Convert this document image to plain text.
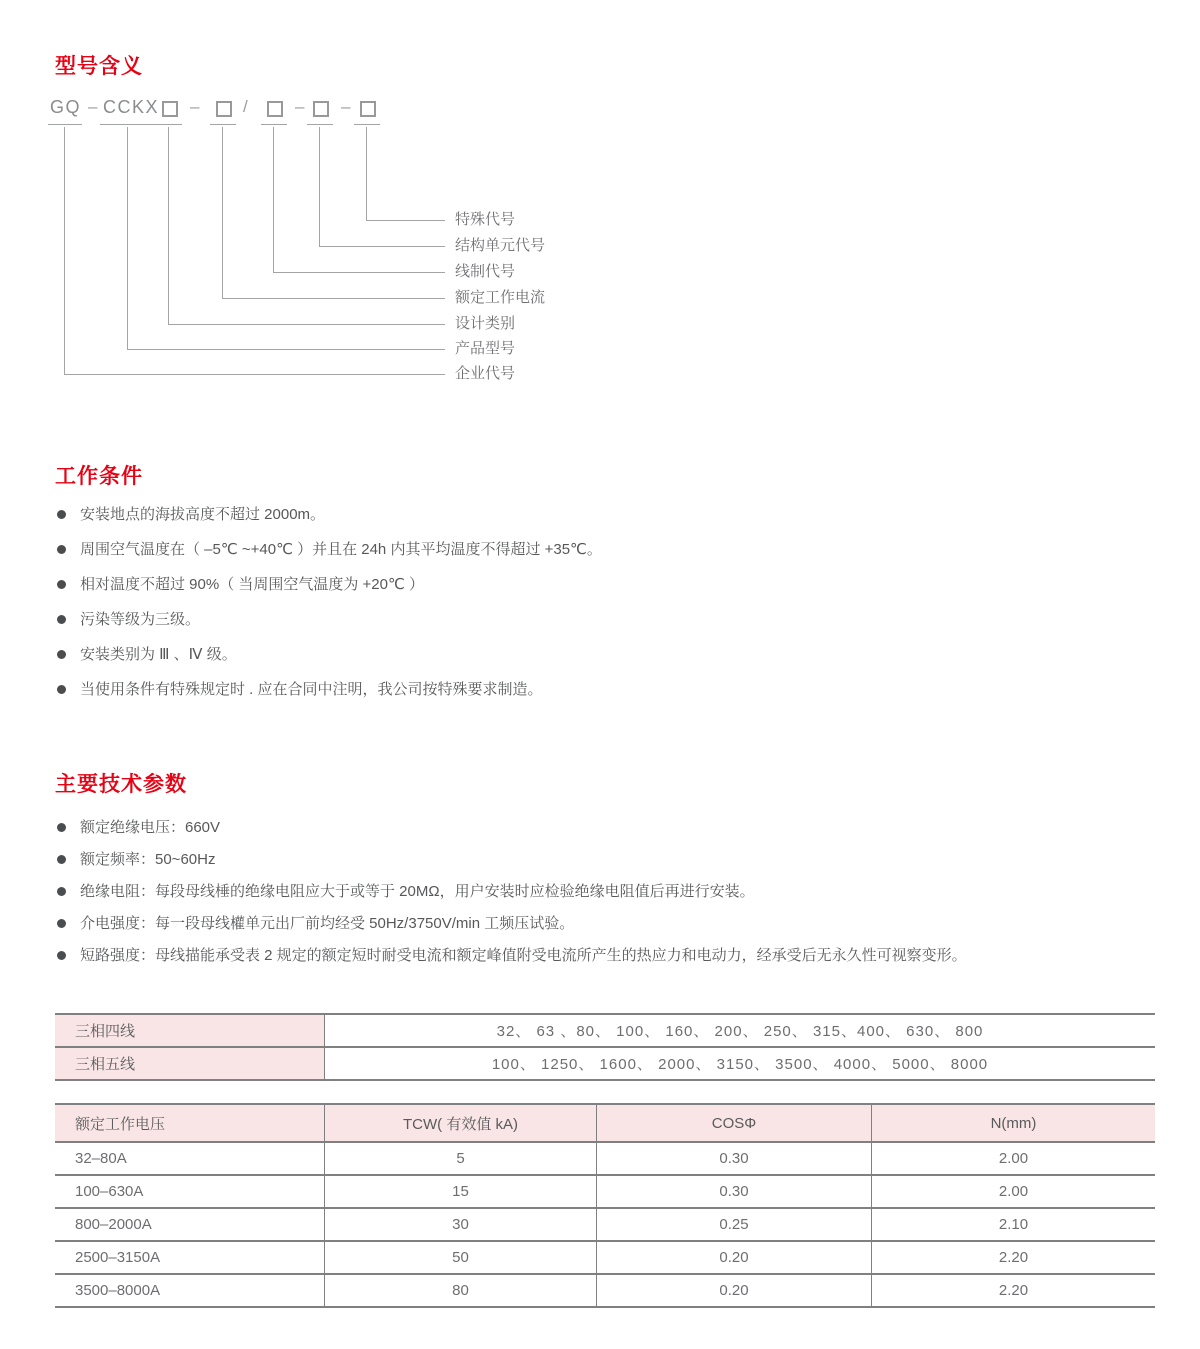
型号含义
GQ – CCKX –	/	– –
特殊代号
结构单元代号
线制代号
额定工作电流
设计类别
产品型号
企业代号
工作条件
安装地点的海拔高度不超过 2000m。
周围空气温度在（ –5℃ ~+40℃ ）并且在 24h 内其平均温度不得超过 +35℃。
相对温度不超过 90%（ 当周围空气温度为 +20℃ ）
污染等级为三级。
安装类别为 Ⅲ 、Ⅳ 级。
当使用条件有特殊规定时 . 应在合同中注明，我公司按特殊要求制造。
主要技术参数
额定绝缘电压：660V
额定频率：50~60Hz
绝缘电阻：每段母线棰的绝缘电阻应大于或等于 20MΩ，用户安装时应检验绝缘电阻值后再进行安装。
介电强度：每一段母线權单元出厂前均经受 50Hz/3750V/min 工频压试验。
短路强度：母线描能承受表 2 规定的额定短时耐受电流和额定峰值附受电流所产生的热应力和电动力，经承受后无永久性可视察变形。
三相四线	32、 63 、80、 100、 160、 200、 250、 315、400、 630、 800
三相五线	100、 1250、 1600、 2000、 3150、 3500、 4000、 5000、 8000
额定工作电压	TCW( 有效值 kA)	COSΦ	N(mm)
32–80A	5	0.30	2.00
100–630A	15	0.30	2.00
800–2000A	30	0.25	2.10
2500–3150A	50	0.20	2.20
3500–8000A	80	0.20	2.20
